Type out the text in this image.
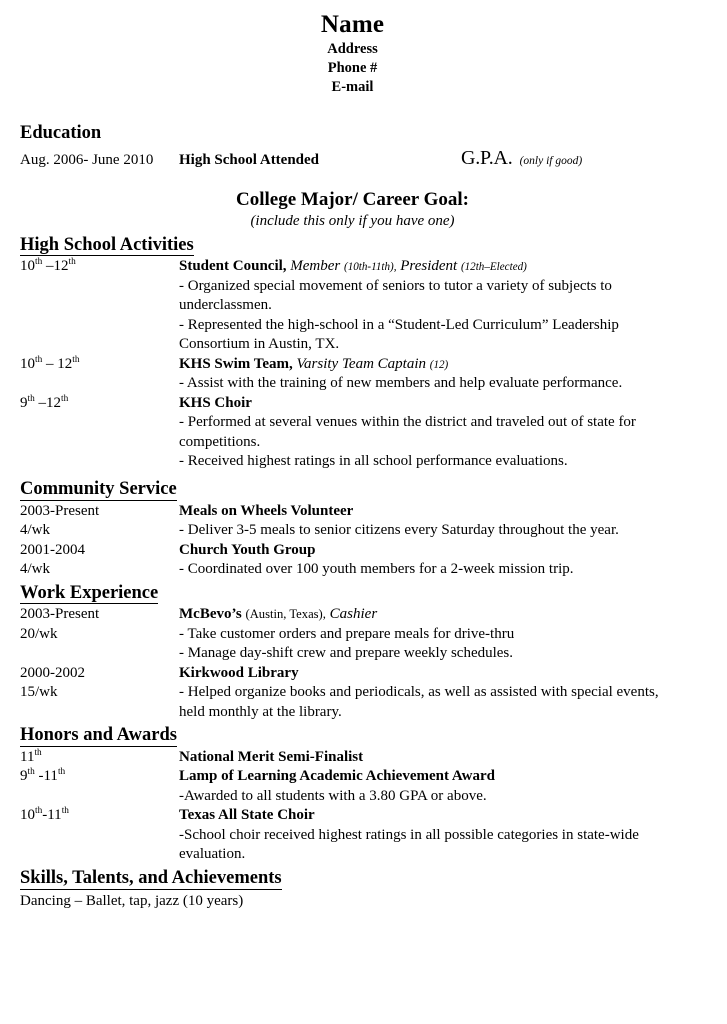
Name
Address
Phone #
E-mail
Education
Aug. 2006- June 2010	High School Attended	G.P.A. (only if good)
College Major/ Career Goal:
(include this only if you have one)
High School Activities
10th –12th	Student Council, Member (10th-11th), President (12th–Elected)
- Organized special movement of seniors to tutor a variety of subjects to underclassmen.
- Represented the high-school in a “Student-Led Curriculum” Leadership Consortium in Austin, TX.
10th – 12th	KHS Swim Team, Varsity Team Captain (12)
- Assist with the training of new members and help evaluate performance.
9th –12th	KHS Choir
- Performed at several venues within the district and traveled out of state for competitions.
- Received highest ratings in all school performance evaluations.
Community Service
2003-Present	Meals on Wheels Volunteer
4/wk	- Deliver 3-5 meals to senior citizens every Saturday throughout the year.
2001-2004	Church Youth Group
4/wk	- Coordinated over 100 youth members for a 2-week mission trip.
Work Experience
2003-Present	McBevo’s (Austin, Texas), Cashier
20/wk	- Take customer orders and prepare meals for drive-thru
- Manage day-shift crew and prepare weekly schedules.
2000-2002	Kirkwood Library
15/wk	- Helped organize books and periodicals, as well as assisted with special events, held monthly at the library.
Honors and Awards
11th	National Merit Semi-Finalist
9th -11th	Lamp of Learning Academic Achievement Award
-Awarded to all students with a 3.80 GPA or above.
10th-11th	Texas All State Choir
-School choir received highest ratings in all possible categories in state-wide evaluation.
Skills, Talents, and Achievements
Dancing – Ballet, tap, jazz (10 years)
